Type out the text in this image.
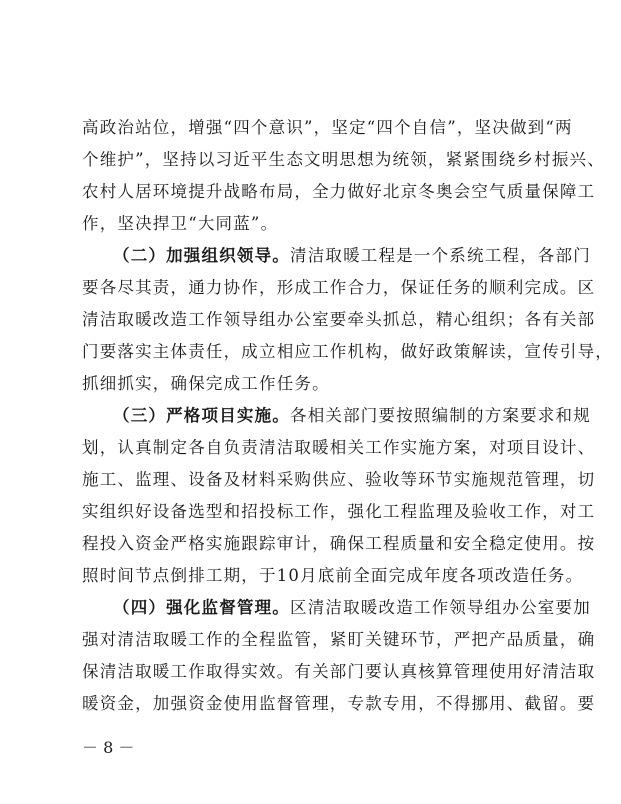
高政治站位，增强“四个意识”，坚定“四个自信”，坚决做到“两
个维护”，坚持以习近平生态文明思想为统领，紧紧围绕乡村振兴、
农村人居环境提升战略布局，全力做好北京冬奥会空气质量保障工
作，坚决捍卫“大同蓝”。
（二）加强组织领导。清洁取暖工程是一个系统工程，各部门
要各尽其责，通力协作，形成工作合力，保证任务的顺利完成。区
清洁取暖改造工作领导组办公室要牵头抓总，精心组织；各有关部
门要落实主体责任，成立相应工作机构，做好政策解读，宣传引导，
抓细抓实，确保完成工作任务。
（三）严格项目实施。各相关部门要按照编制的方案要求和规
划，认真制定各自负责清洁取暖相关工作实施方案，对项目设计、
施工、监理、设备及材料采购供应、验收等环节实施规范管理，切
实组织好设备选型和招投标工作，强化工程监理及验收工作，对工
程投入资金严格实施跟踪审计，确保工程质量和安全稳定使用。按
照时间节点倒排工期，于10月底前全面完成年度各项改造任务。
（四）强化监督管理。区清洁取暖改造工作领导组办公室要加
强对清洁取暖工作的全程监管，紧盯关键环节，严把产品质量，确
保清洁取暖工作取得实效。有关部门要认真核算管理使用好清洁取
暖资金，加强资金使用监督管理，专款专用，不得挪用、截留。要
－ 8 －
